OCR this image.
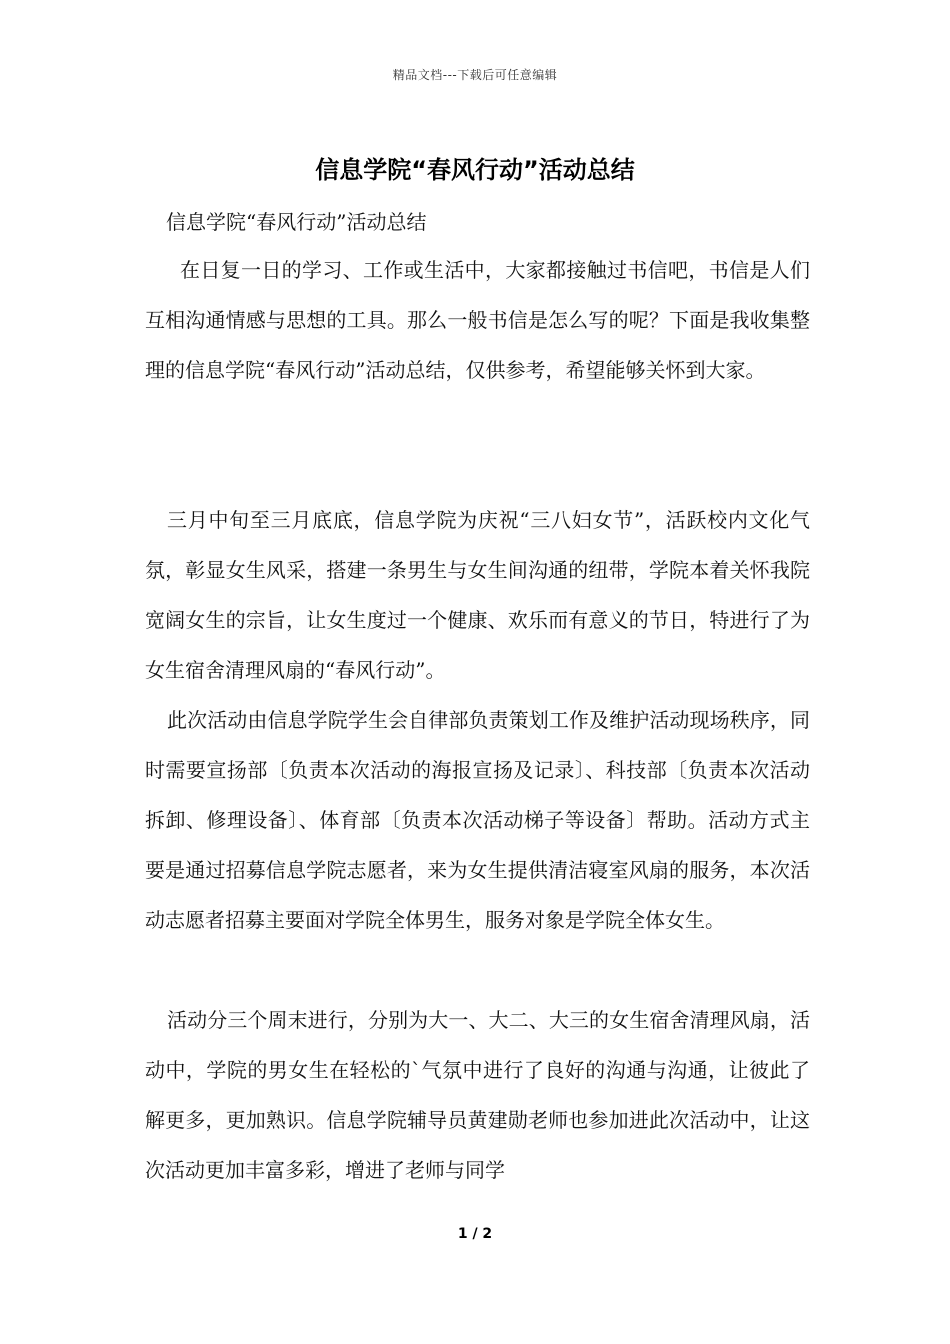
精品文档---下载后可任意编辑
信息学院“春风行动”活动总结
信息学院“春风行动”活动总结

在日复一日的学习、工作或生活中，大家都接触过书信吧，书信是人们互相沟通情感与思想的工具。那么一般书信是怎么写的呢？下面是我收集整理的信息学院“春风行动”活动总结，仅供参考，希望能够关怀到大家。

三月中旬至三月底底，信息学院为庆祝“三八妇女节”，活跃校内文化气氛，彰显女生风采，搭建一条男生与女生间沟通的纽带，学院本着关怀我院宽阔女生的宗旨，让女生度过一个健康、欢乐而有意义的节日，特进行了为女生宿舍清理风扇的“春风行动”。

此次活动由信息学院学生会自律部负责策划工作及维护活动现场秩序，同时需要宣扬部〔负责本次活动的海报宣扬及记录〕、科技部〔负责本次活动拆卸、修理设备〕、体育部〔负责本次活动梯子等设备〕帮助。活动方式主要是通过招募信息学院志愿者，来为女生提供清洁寝室风扇的服务，本次活动志愿者招募主要面对学院全体男生，服务对象是学院全体女生。

活动分三个周末进行，分别为大一、大二、大三的女生宿舍清理风扇，活动中，学院的男女生在轻松的`气氛中进行了良好的沟通与沟通，让彼此了解更多，更加熟识。信息学院辅导员黄建勋老师也参加进此次活动中，让这次活动更加丰富多彩，增进了老师与同学

1 / 2
